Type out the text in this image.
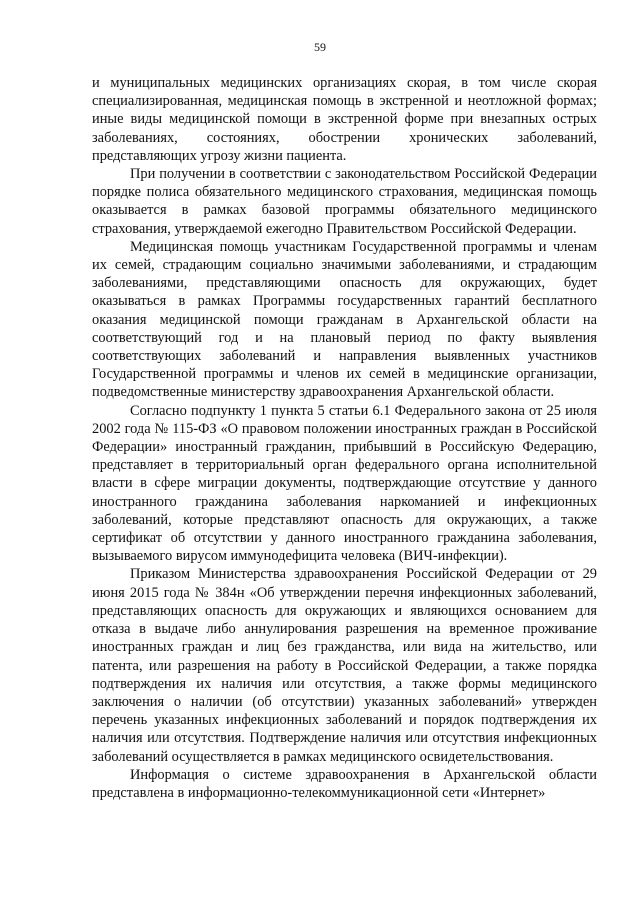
59

и муниципальных медицинских организациях скорая, в том числе скорая специализированная, медицинская помощь в экстренной и неотложной формах; иные виды медицинской помощи в экстренной форме при внезапных острых заболеваниях, состояниях, обострении хронических заболеваний, представляющих угрозу жизни пациента.

При получении в соответствии с законодательством Российской Федерации порядке полиса обязательного медицинского страхования, медицинская помощь оказывается в рамках базовой программы обязательного медицинского страхования, утверждаемой ежегодно Правительством Российской Федерации.

Медицинская помощь участникам Государственной программы и членам их семей, страдающим социально значимыми заболеваниями, и страдающим заболеваниями, представляющими опасность для окружающих, будет оказываться в рамках Программы государственных гарантий бесплатного оказания медицинской помощи гражданам в Архангельской области на соответствующий год и на плановый период по факту выявления соответствующих заболеваний и направления выявленных участников Государственной программы и членов их семей в медицинские организации, подведомственные министерству здравоохранения Архангельской области.

Согласно подпункту 1 пункта 5 статьи 6.1 Федерального закона от 25 июля 2002 года № 115-ФЗ «О правовом положении иностранных граждан в Российской Федерации» иностранный гражданин, прибывший в Российскую Федерацию, представляет в территориальный орган федерального органа исполнительной власти в сфере миграции документы, подтверждающие отсутствие у данного иностранного гражданина заболевания наркоманией и инфекционных заболеваний, которые представляют опасность для окружающих, а также сертификат об отсутствии у данного иностранного гражданина заболевания, вызываемого вирусом иммунодефицита человека (ВИЧ-инфекции).

Приказом Министерства здравоохранения Российской Федерации от 29 июня 2015 года № 384н «Об утверждении перечня инфекционных заболеваний, представляющих опасность для окружающих и являющихся основанием для отказа в выдаче либо аннулирования разрешения на временное проживание иностранных граждан и лиц без гражданства, или вида на жительство, или патента, или разрешения на работу в Российской Федерации, а также порядка подтверждения их наличия или отсутствия, а также формы медицинского заключения о наличии (об отсутствии) указанных заболеваний» утвержден перечень указанных инфекционных заболеваний и порядок подтверждения их наличия или отсутствия. Подтверждение наличия или отсутствия инфекционных заболеваний осуществляется в рамках медицинского освидетельствования.

Информация о системе здравоохранения в Архангельской области представлена в информационно-телекоммуникационной сети «Интернет»
